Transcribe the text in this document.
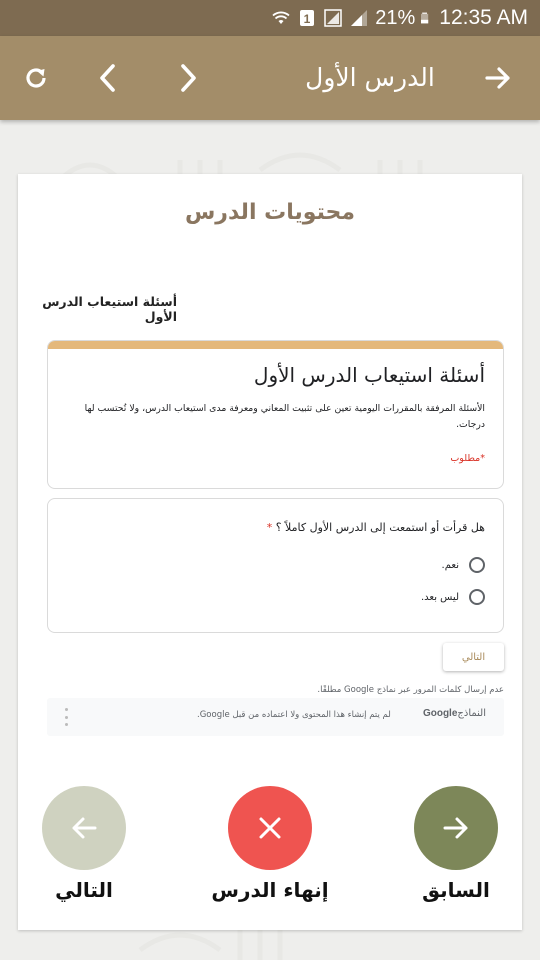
1	21% 12:35 AM
الدرس الأول
محتويات الدرس
أسئلة استيعاب الدرس الأول
أسئلة استيعاب الدرس الأول
الأسئلة المرفقة بالمقررات اليومية تعين على تثبيت المعاني ومعرفة مدى استيعاب الدرس، ولا تُحتسب لها درجات.
*مطلوب
هل قرأت أو استمعت إلى الدرس الأول كاملاً ؟ *
نعم.
ليس بعد.
التالي
عدم إرسال كلمات المرور عبر نماذج Google مطلقًا.
لم يتم إنشاء هذا المحتوى ولا اعتماده من قبل Google.	Googleالنماذج
التالي	إنهاء الدرس	السابق
